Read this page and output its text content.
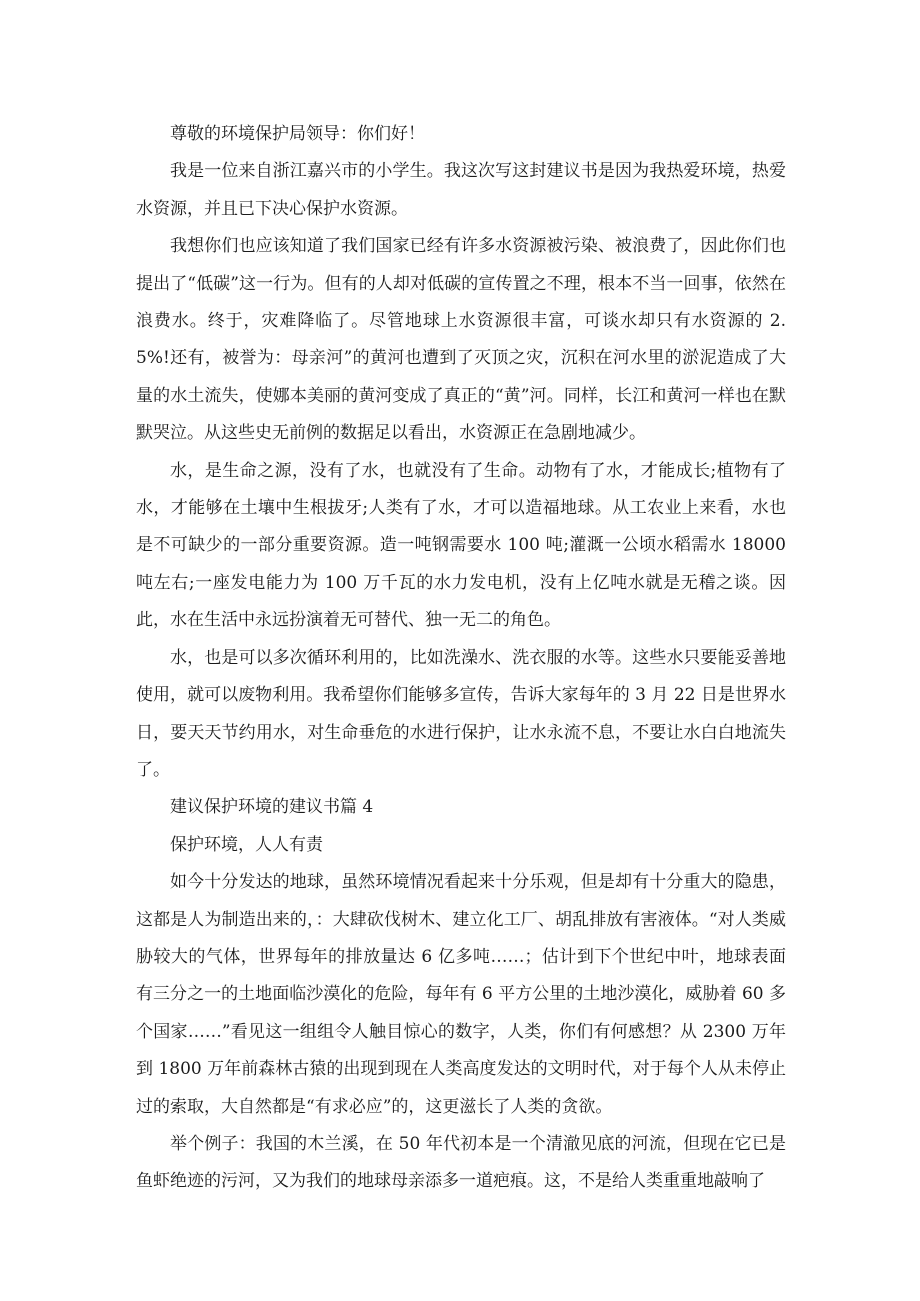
尊敬的环境保护局领导：你们好！

我是一位来自浙江嘉兴市的小学生。我这次写这封建议书是因为我热爱环境，热爱水资源，并且已下决心保护水资源。

我想你们也应该知道了我们国家已经有许多水资源被污染、被浪费了，因此你们也提出了“低碳”这一行为。但有的人却对低碳的宣传置之不理，根本不当一回事，依然在浪费水。终于，灾难降临了。尽管地球上水资源很丰富，可谈水却只有水资源的 2.5%!还有，被誉为：母亲河”的黄河也遭到了灭顶之灾，沉积在河水里的淤泥造成了大量的水土流失，使娜本美丽的黄河变成了真正的“黄”河。同样，长江和黄河一样也在默默哭泣。从这些史无前例的数据足以看出，水资源正在急剧地减少。

水，是生命之源，没有了水，也就没有了生命。动物有了水，才能成长;植物有了水，才能够在土壤中生根拔牙;人类有了水，才可以造福地球。从工农业上来看，水也是不可缺少的一部分重要资源。造一吨钢需要水 100 吨;灌溉一公顷水稻需水 18000 吨左右;一座发电能力为 100 万千瓦的水力发电机，没有上亿吨水就是无稽之谈。因此，水在生活中永远扮演着无可替代、独一无二的角色。

水，也是可以多次循环利用的，比如洗澡水、洗衣服的水等。这些水只要能妥善地使用，就可以废物利用。我希望你们能够多宣传，告诉大家每年的 3 月 22 日是世界水日，要天天节约用水，对生命垂危的水进行保护，让水永流不息，不要让水白白地流失了。

建议保护环境的建议书篇 4

保护环境，人人有责

如今十分发达的地球，虽然环境情况看起来十分乐观，但是却有十分重大的隐患，这都是人为制造出来的，：大肆砍伐树木、建立化工厂、胡乱排放有害液体。“对人类威胁较大的气体，世界每年的排放量达 6 亿多吨……；估计到下个世纪中叶，地球表面有三分之一的土地面临沙漠化的危险，每年有 6 平方公里的土地沙漠化，威胁着 60 多个国家……”看见这一组组令人触目惊心的数字，人类，你们有何感想？从 2300 万年到 1800 万年前森林古猿的出现到现在人类高度发达的文明时代，对于每个人从未停止过的索取，大自然都是“有求必应”的，这更滋长了人类的贪欲。

举个例子：我国的木兰溪，在 50 年代初本是一个清澈见底的河流，但现在它已是鱼虾绝迹的污河，又为我们的地球母亲添多一道疤痕。这，不是给人类重重地敲响了
